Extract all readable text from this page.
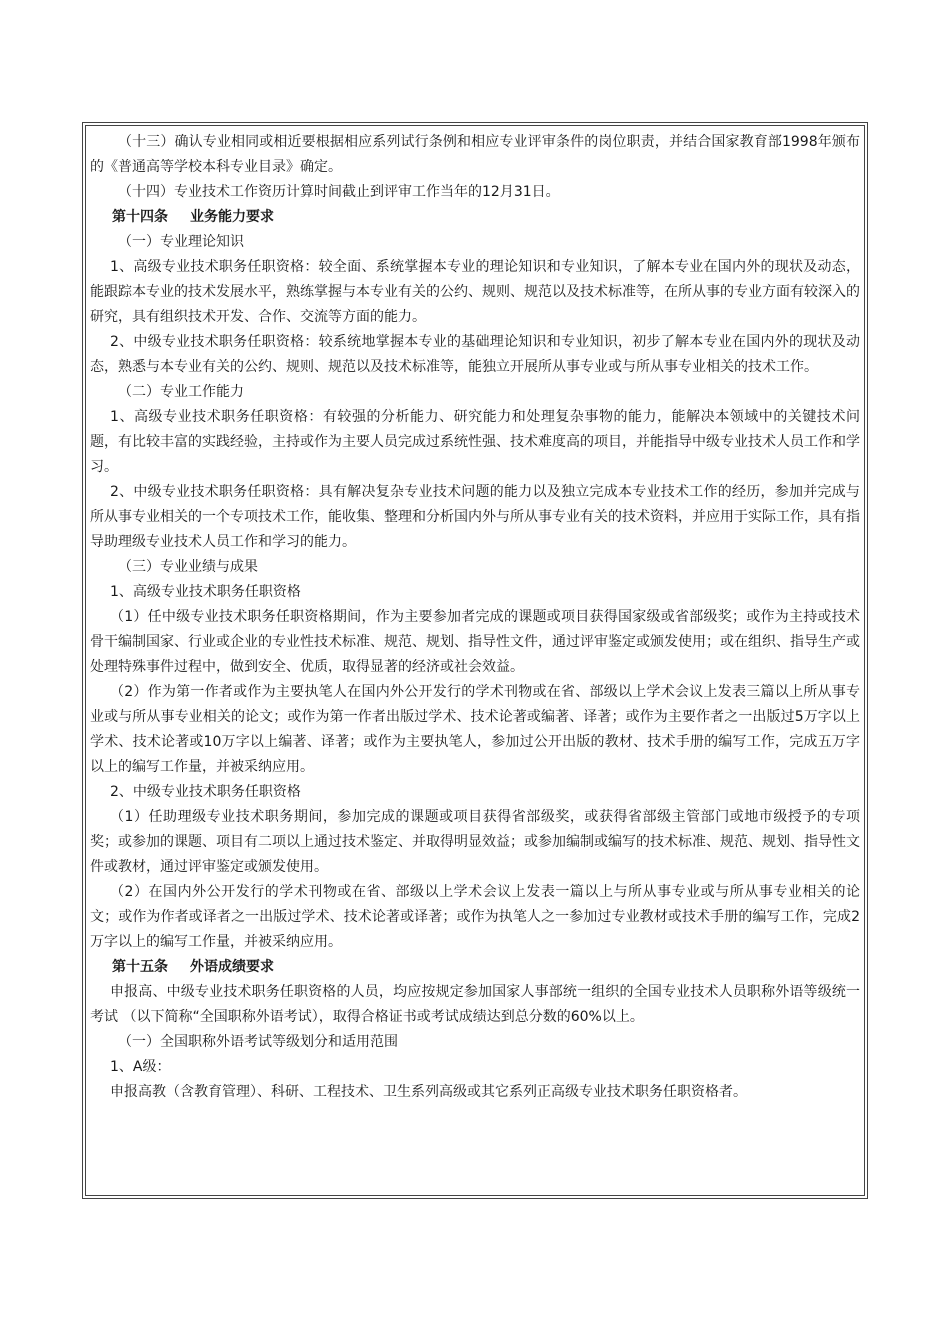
（十三）确认专业相同或相近要根据相应系列试行条例和相应专业评审条件的岗位职责，并结合国家教育部1998年颁布的《普通高等学校本科专业目录》确定。

（十四）专业技术工作资历计算时间截止到评审工作当年的12月31日。

第十四条 业务能力要求

（一）专业理论知识

1、高级专业技术职务任职资格：较全面、系统掌握本专业的理论知识和专业知识，了解本专业在国内外的现状及动态，能跟踪本专业的技术发展水平，熟练掌握与本专业有关的公约、规则、规范以及技术标准等，在所从事的专业方面有较深入的研究，具有组织技术开发、合作、交流等方面的能力。

2、中级专业技术职务任职资格：较系统地掌握本专业的基础理论知识和专业知识，初步了解本专业在国内外的现状及动态，熟悉与本专业有关的公约、规则、规范以及技术标准等，能独立开展所从事专业或与所从事专业相关的技术工作。

（二）专业工作能力

1、高级专业技术职务任职资格：有较强的分析能力、研究能力和处理复杂事物的能力，能解决本领域中的关键技术问题，有比较丰富的实践经验，主持或作为主要人员完成过系统性强、技术难度高的项目，并能指导中级专业技术人员工作和学习。

2、中级专业技术职务任职资格：具有解决复杂专业技术问题的能力以及独立完成本专业技术工作的经历，参加并完成与所从事专业相关的一个专项技术工作，能收集、整理和分析国内外与所从事专业有关的技术资料，并应用于实际工作，具有指导助理级专业技术人员工作和学习的能力。

（三）专业业绩与成果

1、高级专业技术职务任职资格

（1）任中级专业技术职务任职资格期间，作为主要参加者完成的课题或项目获得国家级或省部级奖；或作为主持或技术骨干编制国家、行业或企业的专业性技术标准、规范、规划、指导性文件，通过评审鉴定或颁发使用；或在组织、指导生产或处理特殊事件过程中，做到安全、优质，取得显著的经济或社会效益。

（2）作为第一作者或作为主要执笔人在国内外公开发行的学术刊物或在省、部级以上学术会议上发表三篇以上所从事专业或与所从事专业相关的论文；或作为第一作者出版过学术、技术论著或编著、译著；或作为主要作者之一出版过5万字以上学术、技术论著或10万字以上编著、译著；或作为主要执笔人，参加过公开出版的教材、技术手册的编写工作，完成五万字以上的编写工作量，并被采纳应用。

2、中级专业技术职务任职资格

（1）任助理级专业技术职务期间，参加完成的课题或项目获得省部级奖，或获得省部级主管部门或地市级授予的专项奖；或参加的课题、项目有二项以上通过技术鉴定、并取得明显效益；或参加编制或编写的技术标准、规范、规划、指导性文件或教材，通过评审鉴定或颁发使用。

（2）在国内外公开发行的学术刊物或在省、部级以上学术会议上发表一篇以上与所从事专业或与所从事专业相关的论文；或作为作者或译者之一出版过学术、技术论著或译著；或作为执笔人之一参加过专业教材或技术手册的编写工作，完成2万字以上的编写工作量，并被采纳应用。

第十五条 外语成绩要求

申报高、中级专业技术职务任职资格的人员，均应按规定参加国家人事部统一组织的全国专业技术人员职称外语等级统一考试 （以下简称“全国职称外语考试），取得合格证书或考试成绩达到总分数的60%以上。

（一）全国职称外语考试等级划分和适用范围

1、A级：

申报高教（含教育管理）、科研、工程技术、卫生系列高级或其它系列正高级专业技术职务任职资格者。
